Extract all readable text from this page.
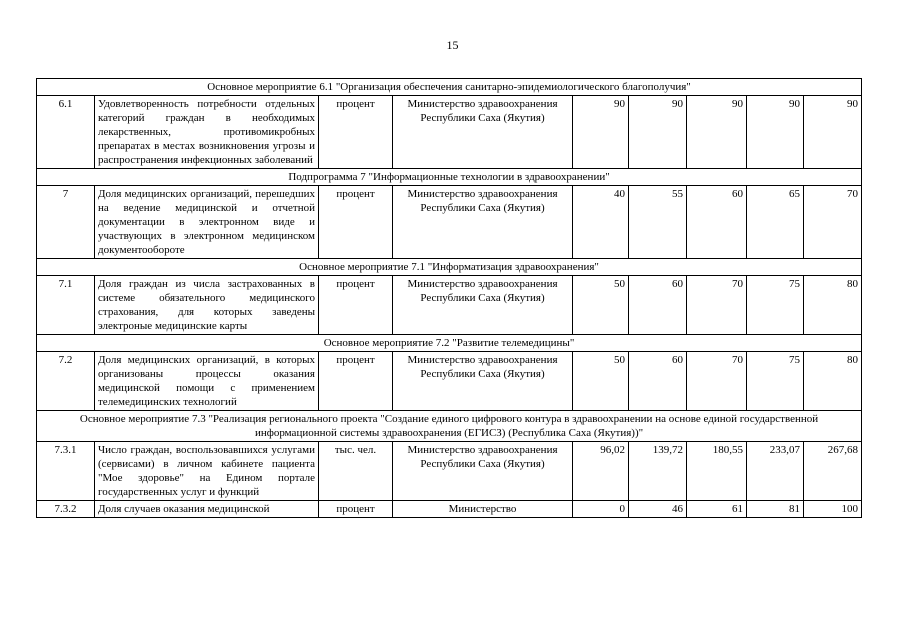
15
Основное мероприятие 6.1 "Организация обеспечения санитарно-эпидемиологического благополучия"								
6.1	Удовлетворенность потребности отдельных категорий граждан в необходимых лекарственных, противомикробных препаратах в местах возникновения угрозы и распространения инфекционных заболеваний	процент	Министерство здравоохранения Республики Саха (Якутия)	90	90	90	90	90
Подпрограмма 7 "Информационные технологии в здравоохранении"								
7	Доля медицинских организаций, перешедших на ведение медицинской и отчетной документации в электронном виде и участвующих в электронном медицинском документообороте	процент	Министерство здравоохранения Республики Саха (Якутия)	40	55	60	65	70
Основное мероприятие 7.1 "Информатизация здравоохранения"								
7.1	Доля граждан из числа застрахованных в системе обязательного медицинского страхования, для которых заведены электроные медицинские карты	процент	Министерство здравоохранения Республики Саха (Якутия)	50	60	70	75	80
Основное мероприятие 7.2 "Развитие телемедицины"								
7.2	Доля медицинских организаций, в которых организованы процессы оказания медицинской помощи с применением телемедицинских технологий	процент	Министерство здравоохранения Республики Саха (Якутия)	50	60	70	75	80
Основное мероприятие 7.3 "Реализация регионального проекта "Создание единого цифрового контура в здравоохранении на основе единой государственной информационной системы здравоохранения (ЕГИСЗ) (Республика Саха (Якутия))"								
7.3.1	Число граждан, воспользовавшихся услугами (сервисами) в личном кабинете пациента "Мое здоровье" на Едином портале государственных услуг и функций	тыс. чел.	Министерство здравоохранения Республики Саха (Якутия)	96,02	139,72	180,55	233,07	267,68
7.3.2	Доля случаев оказания медицинской	процент	Министерство	0	46	61	81	100
